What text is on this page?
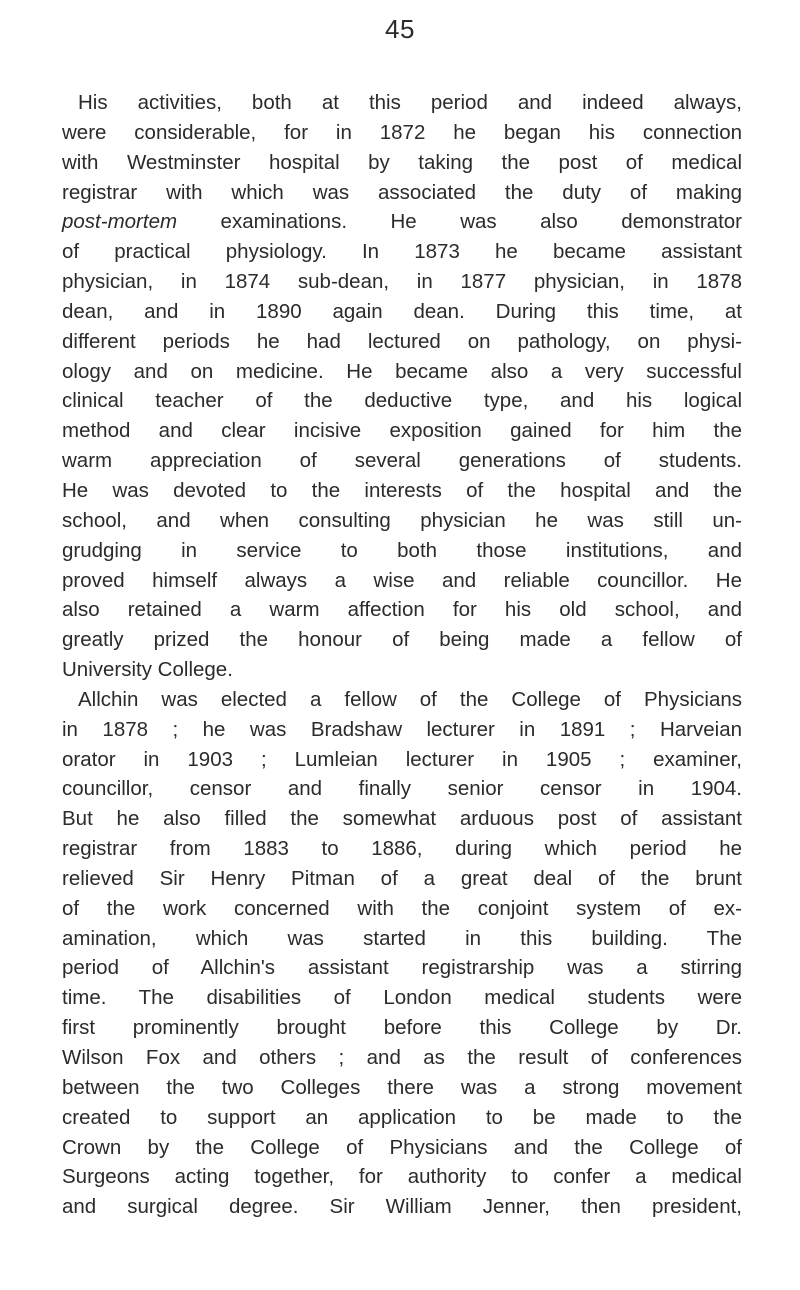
45
His activities, both at this period and indeed always,
were considerable, for in 1872 he began his connection
with Westminster hospital by taking the post of medical
registrar with which was associated the duty of making
post-mortem examinations. He was also demonstrator
of practical physiology. In 1873 he became assistant
physician, in 1874 sub-dean, in 1877 physician, in 1878
dean, and in 1890 again dean. During this time, at
different periods he had lectured on pathology, on physi-
ology and on medicine. He became also a very successful
clinical teacher of the deductive type, and his logical
method and clear incisive exposition gained for him the
warm appreciation of several generations of students.
He was devoted to the interests of the hospital and the
school, and when consulting physician he was still un-
grudging in service to both those institutions, and
proved himself always a wise and reliable councillor. He
also retained a warm affection for his old school, and
greatly prized the honour of being made a fellow of
University College.
Allchin was elected a fellow of the College of Physicians
in 1878 ; he was Bradshaw lecturer in 1891 ; Harveian
orator in 1903 ; Lumleian lecturer in 1905 ; examiner,
councillor, censor and finally senior censor in 1904.
But he also filled the somewhat arduous post of assistant
registrar from 1883 to 1886, during which period he
relieved Sir Henry Pitman of a great deal of the brunt
of the work concerned with the conjoint system of ex-
amination, which was started in this building. The
period of Allchin's assistant registrarship was a stirring
time. The disabilities of London medical students were
first prominently brought before this College by Dr.
Wilson Fox and others ; and as the result of conferences
between the two Colleges there was a strong movement
created to support an application to be made to the
Crown by the College of Physicians and the College of
Surgeons acting together, for authority to confer a medical
and surgical degree. Sir William Jenner, then president,
